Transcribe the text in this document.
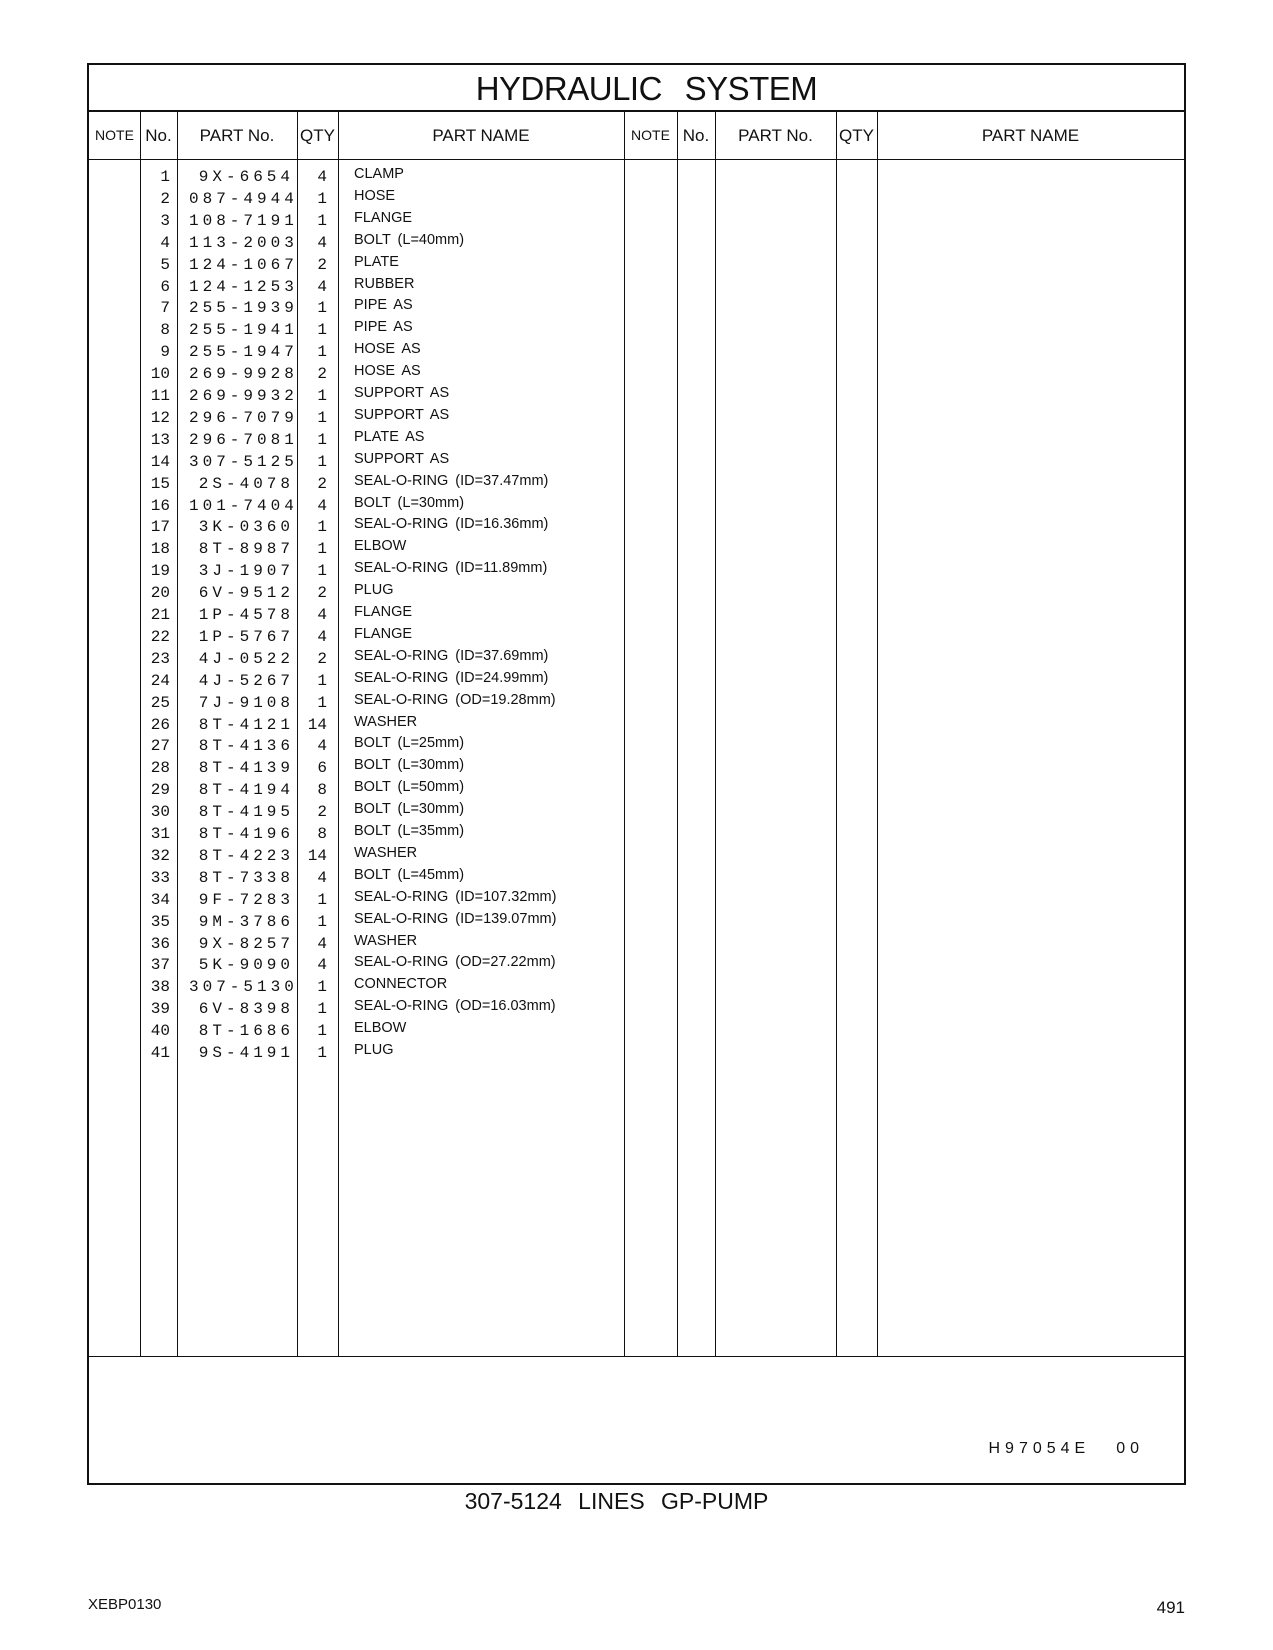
HYDRAULIC SYSTEM
NOTE No.	PART No.	QTY	PART NAME	NOTE No.	PART No.	QTY	PART NAME
1	9X-6654	4 CLAMP
2 087-4944	1 HOSE
3 108-7191	1 FLANGE
4 113-2003	4 BOLT (L=40mm)
5 124-1067	2 PLATE
6 124-1253	4 RUBBER
7 255-1939	1 PIPE AS
8 255-1941	1 PIPE AS
9 255-1947	1 HOSE AS
10 269-9928	2 HOSE AS
11 269-9932	1 SUPPORT AS
12 296-7079	1 SUPPORT AS
13 296-7081	1 PLATE AS
14 307-5125	1 SUPPORT AS
15	2S-4078	2 SEAL-O-RING (ID=37.47mm)
16 101-7404	4 BOLT (L=30mm)
17	3K-0360	1 SEAL-O-RING (ID=16.36mm)
18	8T-8987	1 ELBOW
19	3J-1907	1 SEAL-O-RING (ID=11.89mm)
20	6V-9512	2 PLUG
21	1P-4578	4 FLANGE
22	1P-5767	4 FLANGE
23	4J-0522	2 SEAL-O-RING (ID=37.69mm)
24	4J-5267	1 SEAL-O-RING (ID=24.99mm)
25	7J-9108	1 SEAL-O-RING (OD=19.28mm)
26	8T-4121 14 WASHER
27	8T-4136	4 BOLT (L=25mm)
28	8T-4139	6 BOLT (L=30mm)
29	8T-4194	8 BOLT (L=50mm)
30	8T-4195	2 BOLT (L=30mm)
31	8T-4196	8 BOLT (L=35mm)
32	8T-4223 14 WASHER
33	8T-7338	4 BOLT (L=45mm)
34	9F-7283	1 SEAL-O-RING (ID=107.32mm)
35	9M-3786	1 SEAL-O-RING (ID=139.07mm)
36	9X-8257	4 WASHER
37	5K-9090	4 SEAL-O-RING (OD=27.22mm)
38 307-5130	1 CONNECTOR
39	6V-8398	1 SEAL-O-RING (OD=16.03mm)
40	8T-1686	1 ELBOW
41	9S-4191	1 PLUG
H97054E 00
307-5124 LINES GP-PUMP
XEBP0130	491
